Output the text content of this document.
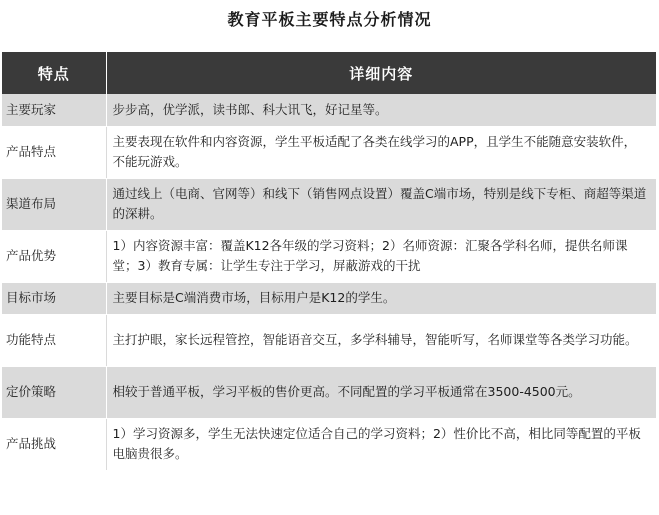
教育平板主要特点分析情况
特点	详细内容
主要玩家	步步高，优学派，读书郎、科大讯飞，好记星等。
产品特点	主要表现在软件和内容资源，学生平板适配了各类在线学习的APP，且学生不能随意安装软件，不能玩游戏。
渠道布局	通过线上（电商、官网等）和线下（销售网点设置）覆盖C端市场，特别是线下专柜、商超等渠道的深耕。
产品优势	1）内容资源丰富：覆盖K12各年级的学习资料；2）名师资源：汇聚各学科名师，提供名师课堂；3）教育专属：让学生专注于学习，屏蔽游戏的干扰
目标市场	主要目标是C端消费市场，目标用户是K12的学生。
功能特点	主打护眼，家长远程管控，智能语音交互，多学科辅导，智能听写，名师课堂等各类学习功能。
定价策略	相较于普通平板，学习平板的售价更高。不同配置的学习平板通常在3500-4500元。
产品挑战	1）学习资源多，学生无法快速定位适合自己的学习资料；2）性价比不高，相比同等配置的平板电脑贵很多。
